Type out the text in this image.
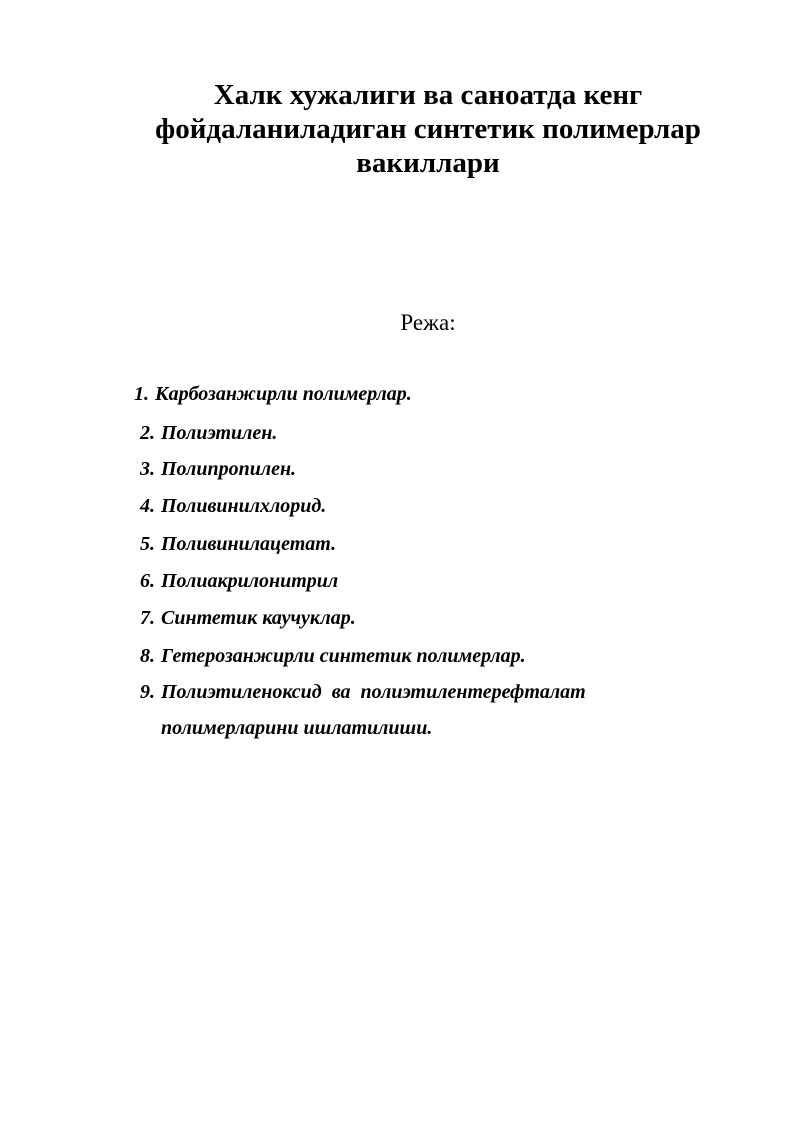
Халк хужалиги ва саноатда кенг
фойдаланиладиган синтетик полимерлар
вакиллари

Режа:

1. Карбозанжирли полимерлар.
2. Полиэтилен.
3. Полипропилен.
4. Поливинилхлорид.
5. Поливинилацетат.
6. Полиакрилонитрил
7. Синтетик каучуклар.
8. Гетерозанжирли синтетик полимерлар.
9. Полиэтиленоксид  ва  полиэтилентерефталат
полимерларини ишлатилиши.
